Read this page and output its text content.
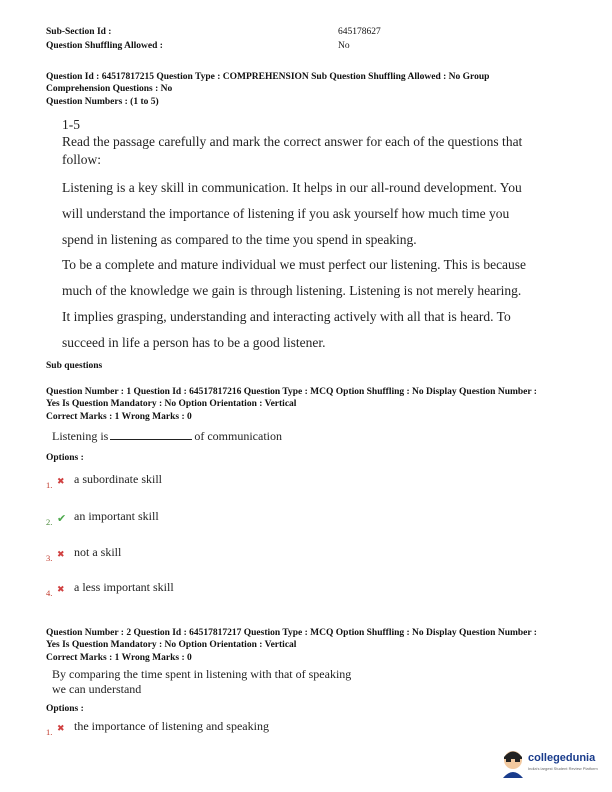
Sub-Section Id :	645178627
Question Shuffling Allowed :	No
Question Id : 64517817215 Question Type : COMPREHENSION Sub Question Shuffling Allowed : No Group
Comprehension Questions : No
Question Numbers : (1 to 5)
1-5
Read the passage carefully and mark the correct answer for each of the questions that
follow:
Listening is a key skill in communication. It helps in our all-round development. You
will understand the importance of listening if you ask yourself how much time you
spend in listening as compared to the time you spend in speaking.
To be a complete and mature individual we must perfect our listening. This is because
much of the knowledge we gain is through listening. Listening is not merely hearing.
It implies grasping, understanding and interacting actively with all that is heard. To
succeed in life a person has to be a good listener.
Sub questions
Question Number : 1 Question Id : 64517817216 Question Type : MCQ Option Shuffling : No Display Question Number :
Yes Is Question Mandatory : No Option Orientation : Vertical
Correct Marks : 1 Wrong Marks : 0
Listening is	of communication
Options :
1. ✖ a subordinate skill
2. ✔ an important skill
3. ✖ not a skill
4. ✖ a less important skill
Question Number : 2 Question Id : 64517817217 Question Type : MCQ Option Shuffling : No Display Question Number :
Yes Is Question Mandatory : No Option Orientation : Vertical
Correct Marks : 1 Wrong Marks : 0
By comparing the time spent in listening with that of speaking
we can understand
Options :
1. ✖ the importance of listening and speaking
collegedunia
India's largest Student Review Platform
